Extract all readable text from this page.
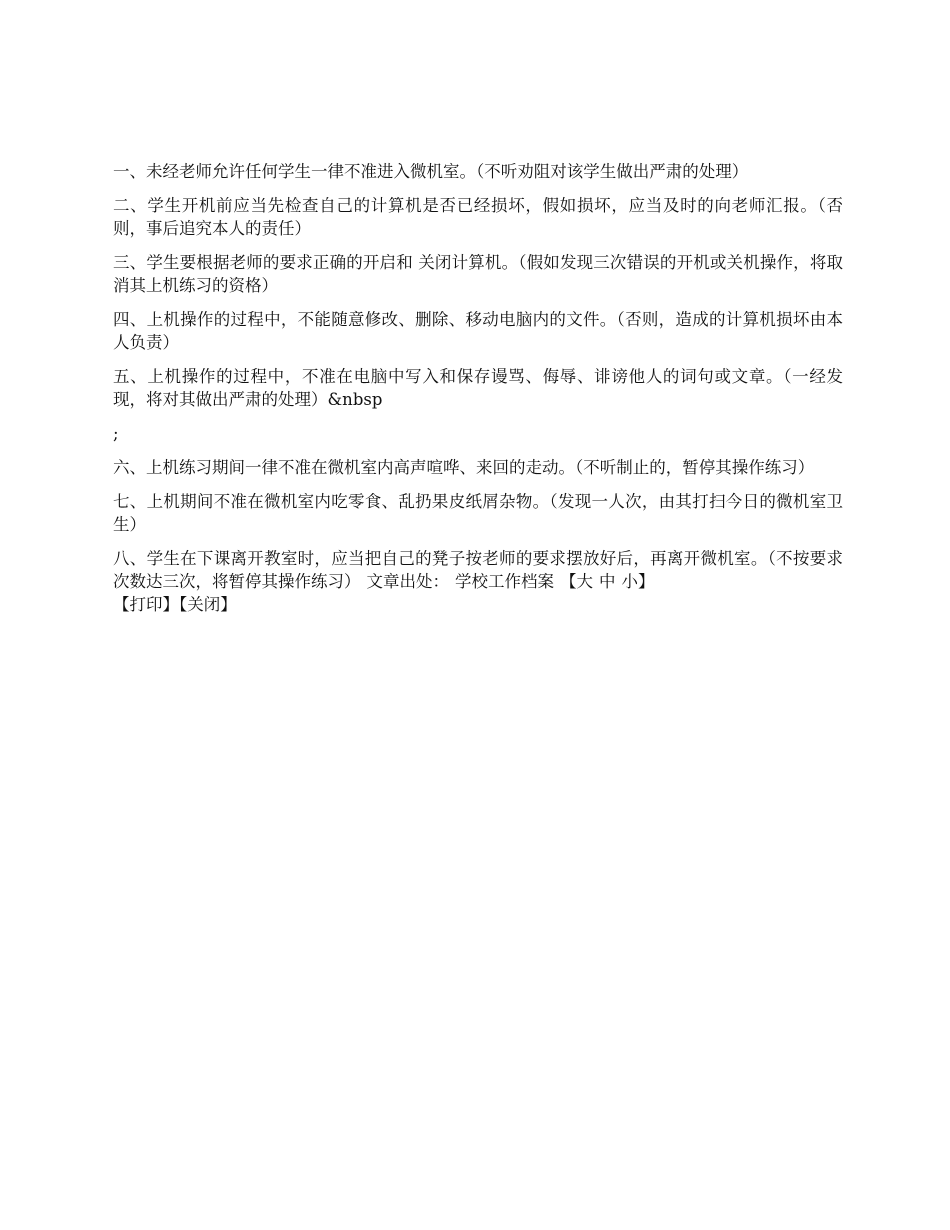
一、未经老师允许任何学生一律不准进入微机室。（不听劝阻对该学生做出严肃的处理）

二、学生开机前应当先检查自己的计算机是否已经损坏，假如损坏，应当及时的向老师汇报。（否则，事后追究本人的责任）

三、学生要根据老师的要求正确的开启和 关闭计算机。（假如发现三次错误的开机或关机操作，将取消其上机练习的资格）

四、上机操作的过程中，不能随意修改、删除、移动电脑内的文件。（否则，造成的计算机损坏由本人负责）

五、上机操作的过程中，不准在电脑中写入和保存谩骂、侮辱、诽谤他人的词句或文章。（一经发现，将对其做出严肃的处理）&nbsp

;

六、上机练习期间一律不准在微机室内高声喧哗、来回的走动。（不听制止的，暂停其操作练习）

七、上机期间不准在微机室内吃零食、乱扔果皮纸屑杂物。（发现一人次，由其打扫今日的微机室卫生）

八、学生在下课离开教室时，应当把自己的凳子按老师的要求摆放好后，再离开微机室。（不按要求次数达三次，将暂停其操作练习） 文章出处： 学校工作档案 【大 中 小】
【打印】【关闭】
